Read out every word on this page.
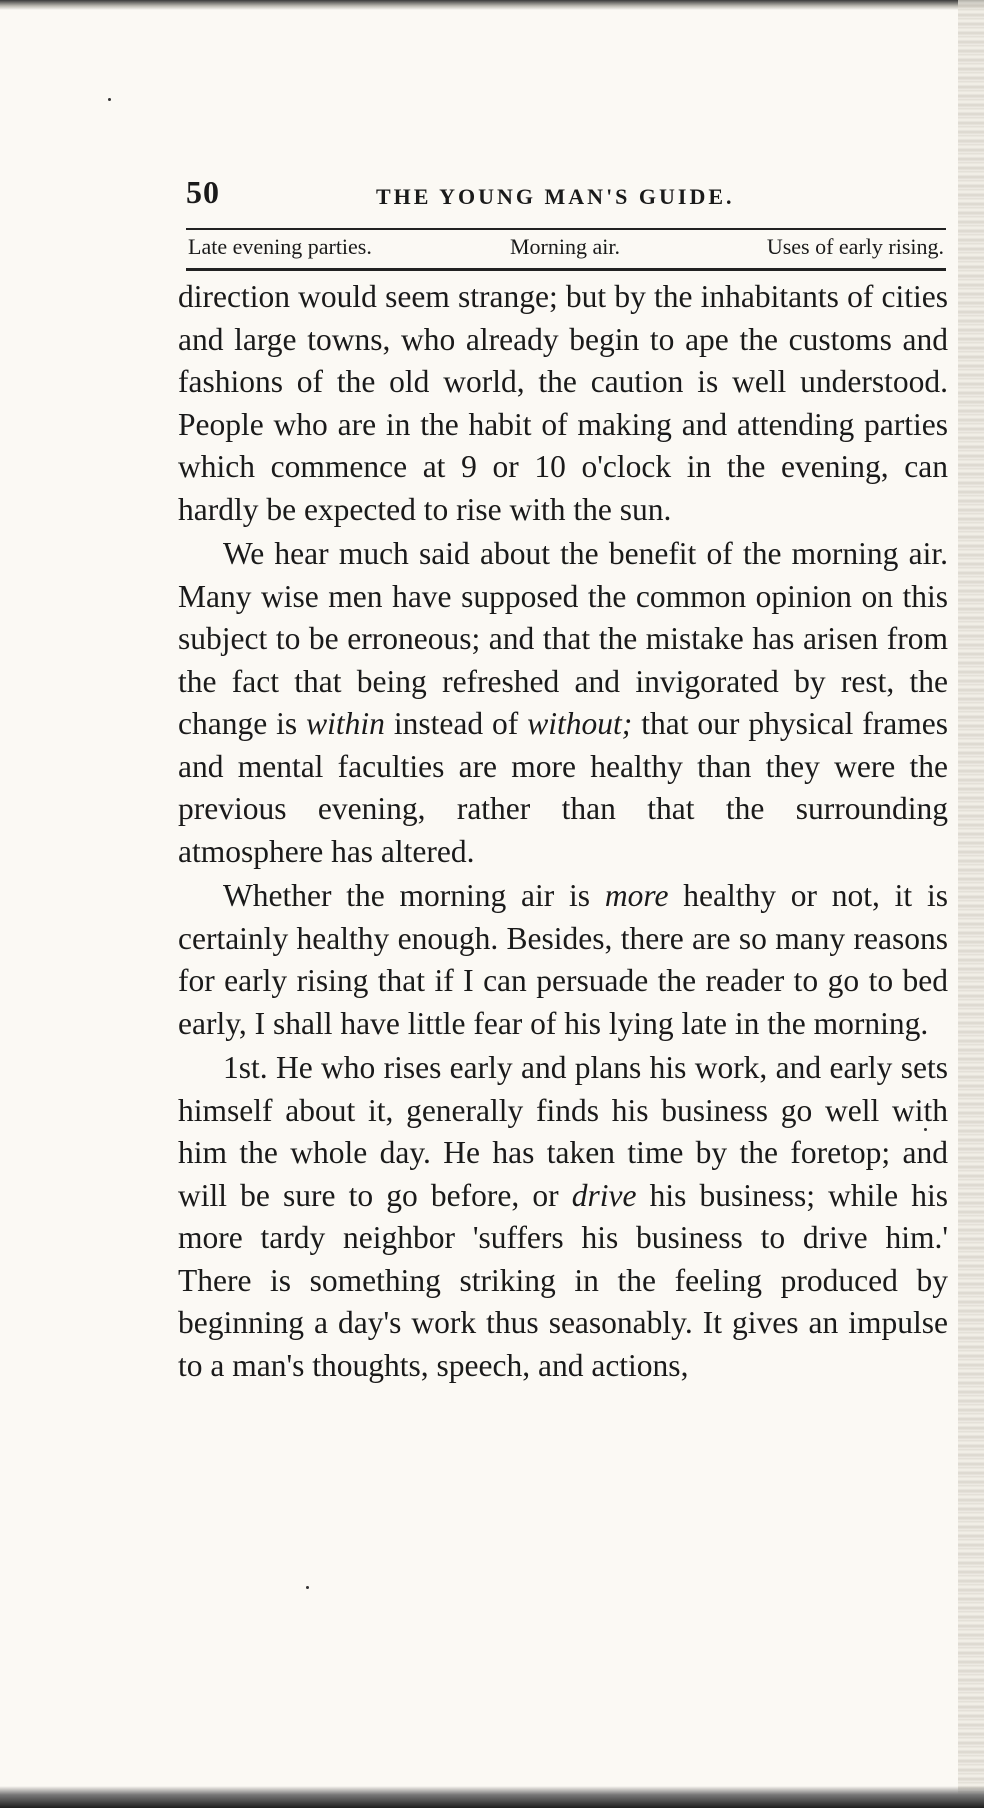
50	THE YOUNG MAN'S GUIDE.
Late evening parties.	Morning air.	Uses of early rising.

direction would seem strange; but by the inhabitants of cities and large towns, who already begin to ape the customs and fashions of the old world, the caution is well understood. People who are in the habit of making and attending parties which commence at 9 or 10 o'clock in the evening, can hardly be expected to rise with the sun.

We hear much said about the benefit of the morning air. Many wise men have supposed the common opinion on this subject to be erroneous; and that the mistake has arisen from the fact that being refreshed and invigorated by rest, the change is within instead of without; that our physical frames and mental faculties are more healthy than they were the previous evening, rather than that the surrounding atmosphere has altered.

Whether the morning air is more healthy or not, it is certainly healthy enough. Besides, there are so many reasons for early rising that if I can persuade the reader to go to bed early, I shall have little fear of his lying late in the morning.

1st. He who rises early and plans his work, and early sets himself about it, generally finds his business go well with him the whole day. He has taken time by the foretop; and will be sure to go before, or drive his business; while his more tardy neighbor 'suffers his business to drive him.' There is something striking in the feeling produced by beginning a day's work thus seasonably. It gives an impulse to a man's thoughts, speech, and actions,
